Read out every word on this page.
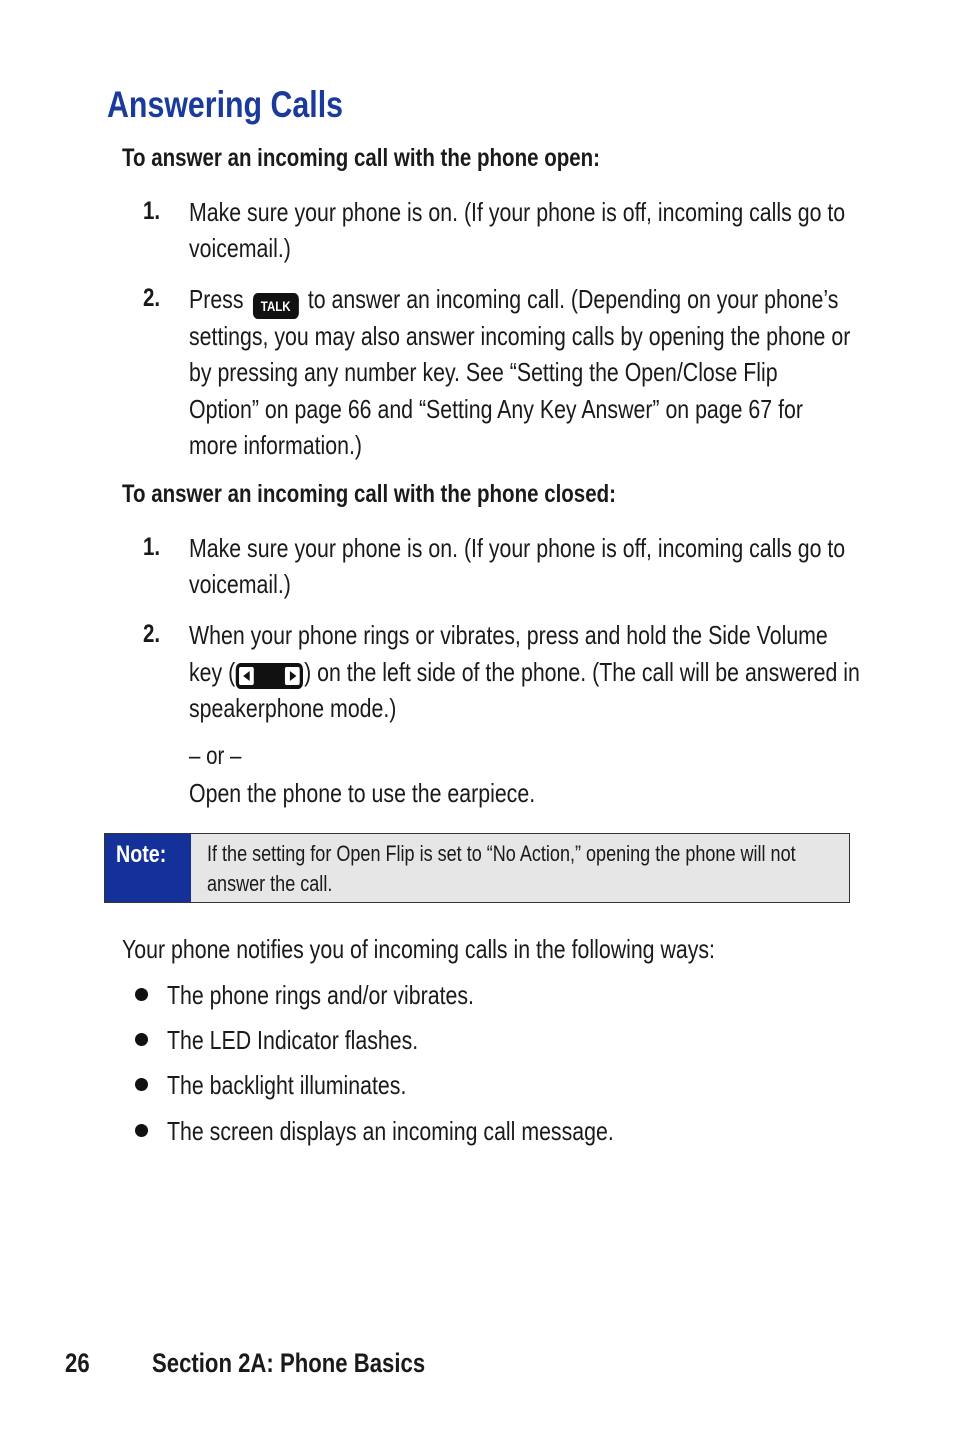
Answering Calls
To answer an incoming call with the phone open:
1. Make sure your phone is on. (If your phone is off, incoming calls go to
voicemail.)
2. Press TALK to answer an incoming call. (Depending on your phone’s
settings, you may also answer incoming calls by opening the phone or
by pressing any number key. See “Setting the Open/Close Flip
Option” on page 66 and “Setting Any Key Answer” on page 67 for
more information.)
To answer an incoming call with the phone closed:
1. Make sure your phone is on. (If your phone is off, incoming calls go to
voicemail.)
2. When your phone rings or vibrates, press and hold the Side Volume
key (	) on the left side of the phone. (The call will be answered in
speakerphone mode.)
– or –
Open the phone to use the earpiece.
Note: If the setting for Open Flip is set to “No Action,” opening the phone will not
answer the call.
Your phone notifies you of incoming calls in the following ways:
The phone rings and/or vibrates.
The LED Indicator flashes.
The backlight illuminates.
The screen displays an incoming call message.
26 Section 2A: Phone Basics
